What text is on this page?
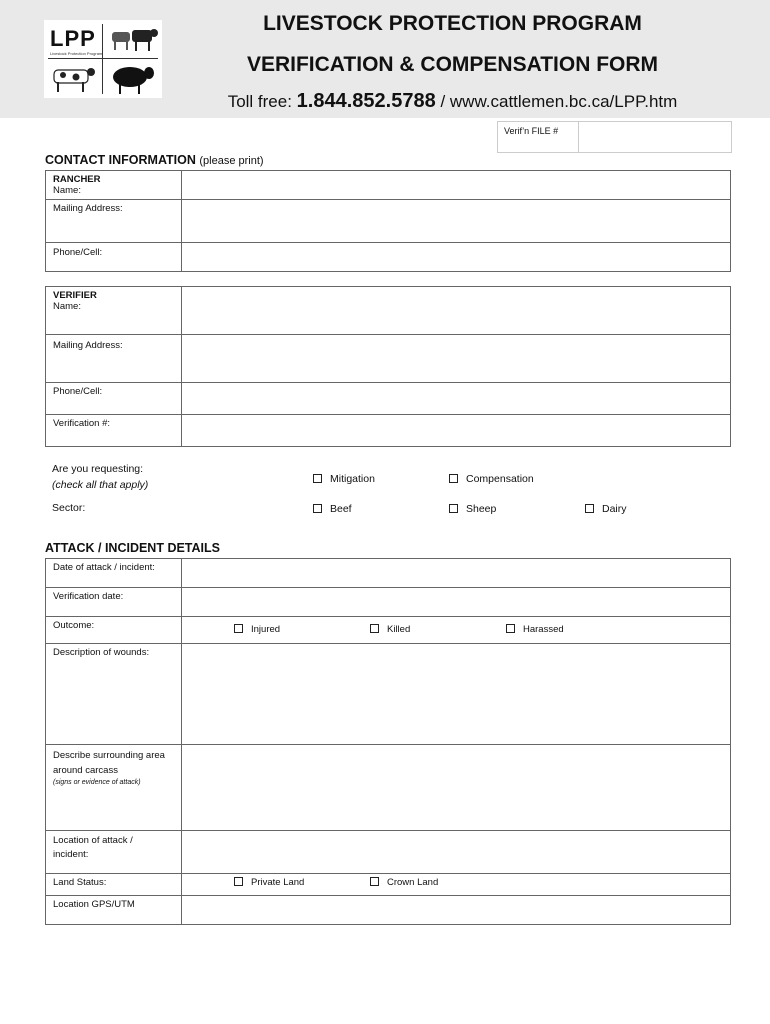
LPP
Livestock Protection Program
LIVESTOCK PROTECTION PROGRAM
VERIFICATION & COMPENSATION FORM
Toll free: 1.844.852.5788 / www.cattlemen.bc.ca/LPP.htm
Verif’n FILE #
CONTACT INFORMATION (please print)
RANCHER
Name:	

Mailing Address:	
Phone/Cell:	
VERIFIER
Name:	

Mailing Address:	
Phone/Cell:	
Verification #:	
Are you requesting:
(check all that apply)	Mitigation	Compensation
Sector:	Beef	Sheep	Dairy
ATTACK / INCIDENT DETAILS
Date of attack / incident:	
Verification date:	
Outcome:	Injured Killed Harassed

Description of wounds:	

Describe surrounding area
around carcass
(signs or evidence of attack)	

Location of attack /
incident:	

Land Status:	Private Land Crown Land

Location GPS/UTM	
